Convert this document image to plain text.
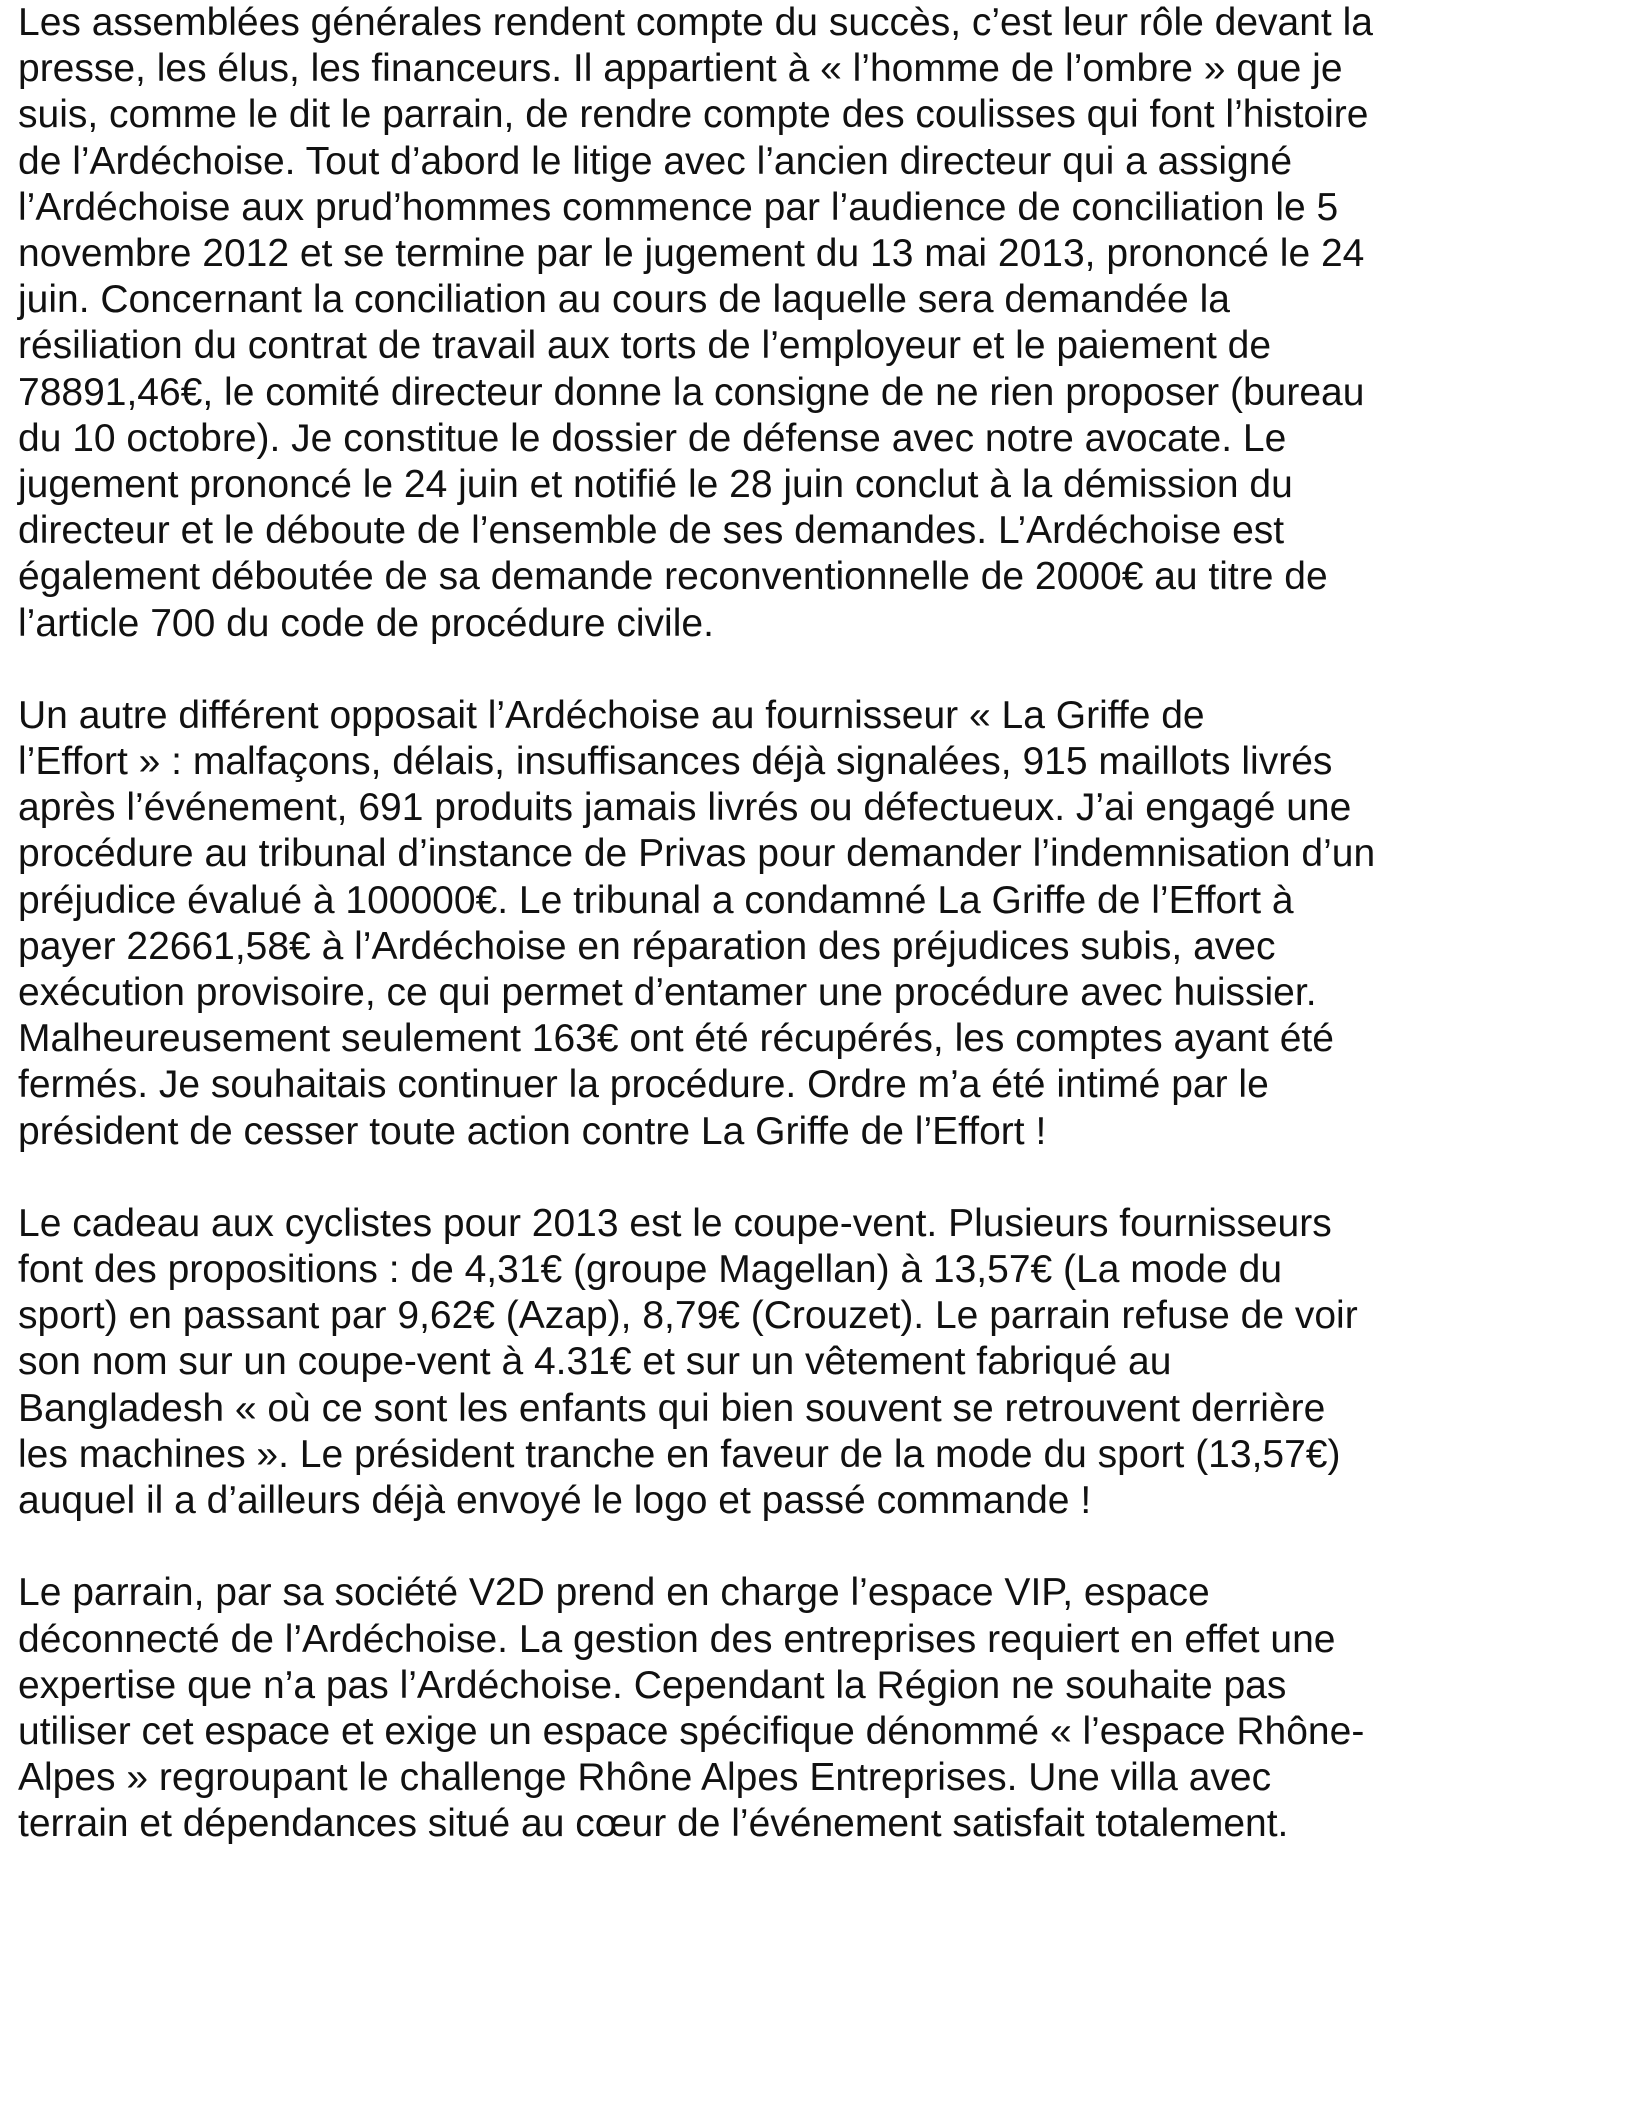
Les assemblées générales rendent compte du succès, c’est leur rôle devant la
presse, les élus, les financeurs. Il appartient à « l’homme de l’ombre » que je
suis, comme le dit le parrain, de rendre compte des coulisses qui font l’histoire
de l’Ardéchoise. Tout d’abord le litige avec l’ancien directeur qui a assigné
l’Ardéchoise aux prud’hommes commence par l’audience de conciliation le 5
novembre 2012 et se termine par le jugement du 13 mai 2013, prononcé le 24
juin. Concernant la conciliation au cours de laquelle sera demandée la
résiliation du contrat de travail aux torts de l’employeur et le paiement de
78891,46€, le comité directeur donne la consigne de ne rien proposer (bureau
du 10 octobre). Je constitue le dossier de défense avec notre avocate. Le
jugement prononcé le 24 juin et notifié le 28 juin conclut à la démission du
directeur et le déboute de l’ensemble de ses demandes. L’Ardéchoise est
également déboutée de sa demande reconventionnelle de 2000€ au titre de
l’article 700 du code de procédure civile.
Un autre différent opposait l’Ardéchoise au fournisseur « La Griffe de
l’Effort » : malfaçons, délais, insuffisances déjà signalées, 915 maillots livrés
après l’événement, 691 produits jamais livrés ou défectueux. J’ai engagé une
procédure au tribunal d’instance de Privas pour demander l’indemnisation d’un
préjudice évalué à 100000€. Le tribunal a condamné La Griffe de l’Effort à
payer 22661,58€ à l’Ardéchoise en réparation des préjudices subis, avec
exécution provisoire, ce qui permet d’entamer une procédure avec huissier.
Malheureusement seulement 163€ ont été récupérés, les comptes ayant été
fermés. Je souhaitais continuer la procédure. Ordre m’a été intimé par le
président de cesser toute action contre La Griffe de l’Effort !
Le cadeau aux cyclistes pour 2013 est le coupe-vent. Plusieurs fournisseurs
font des propositions : de 4,31€ (groupe Magellan) à 13,57€ (La mode du
sport) en passant par 9,62€ (Azap), 8,79€ (Crouzet). Le parrain refuse de voir
son nom sur un coupe-vent à 4.31€ et sur un vêtement fabriqué au
Bangladesh « où ce sont les enfants qui bien souvent se retrouvent derrière
les machines ». Le président tranche en faveur de la mode du sport (13,57€)
auquel il a d’ailleurs déjà envoyé le logo et passé commande !
Le parrain, par sa société V2D prend en charge l’espace VIP, espace
déconnecté de l’Ardéchoise. La gestion des entreprises requiert en effet une
expertise que n’a pas l’Ardéchoise. Cependant la Région ne souhaite pas
utiliser cet espace et exige un espace spécifique dénommé « l’espace Rhône-
Alpes » regroupant le challenge Rhône Alpes Entreprises. Une villa avec
terrain et dépendances situé au cœur de l’événement satisfait totalement.
